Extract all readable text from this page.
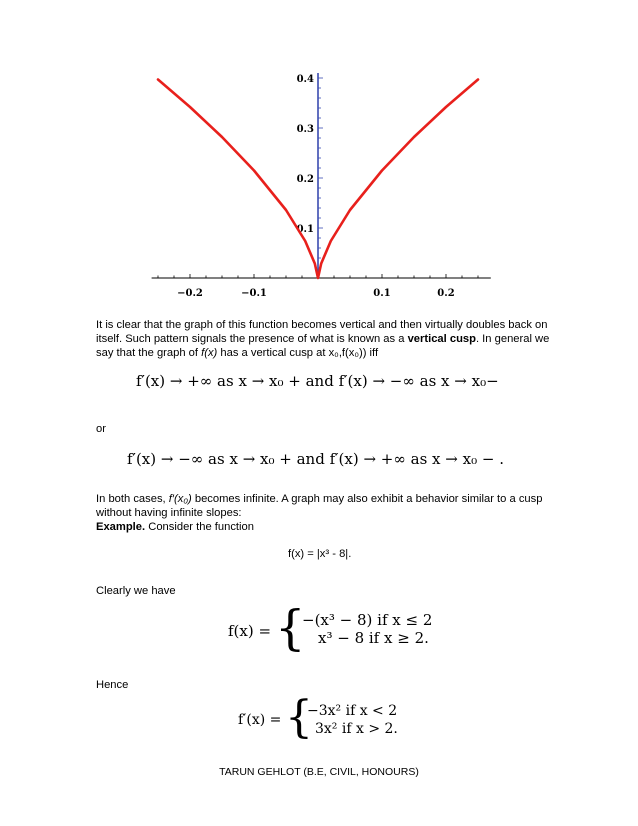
−0.2	−0.1	0.1	0.2
0.1
0.2
0.3
0.4
It is clear that the graph of this function becomes vertical and then virtually doubles back on itself. Such pattern signals the presence of what is known as a vertical cusp. In general we say that the graph of f(x) has a vertical cusp at x₀,f(x₀)) iff
f′(x) → +∞ as x → x₀ + and f′(x) → −∞ as x → x₀−
or
f′(x) → −∞ as x → x₀ + and f′(x) → +∞ as x → x₀ − .
In both cases, f′(x₀) becomes infinite. A graph may also exhibit a behavior similar to a cusp without having infinite slopes:
Example. Consider the function
f(x) = |x³ - 8|.
Clearly we have
f(x) = {
−(x³ − 8) if x ≤ 2
x³ − 8 if x ≥ 2.
Hence
f′(x) = {
−3x² if x < 2
3x² if x > 2.
TARUN GEHLOT (B.E, CIVIL, HONOURS)
